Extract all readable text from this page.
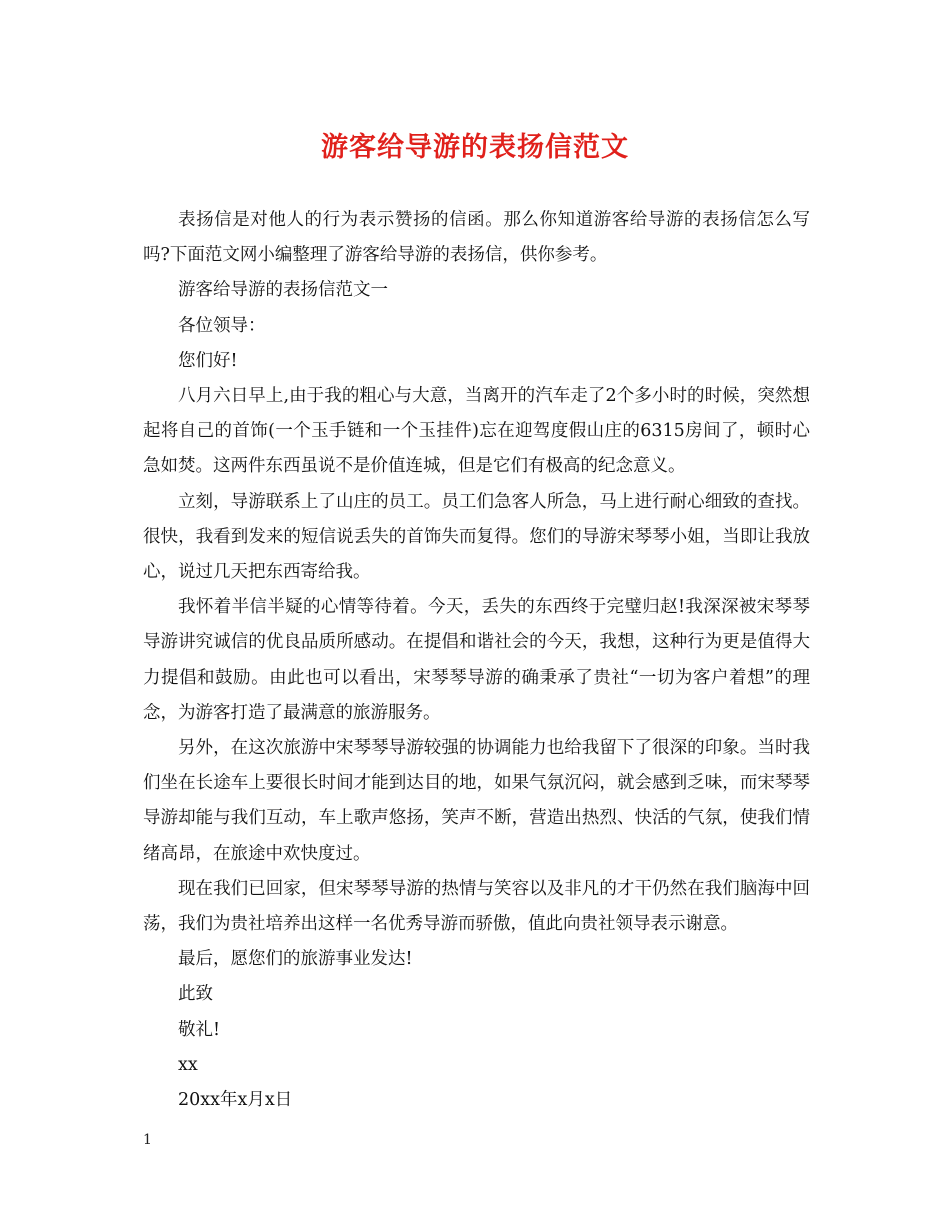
游客给导游的表扬信范文

表扬信是对他人的行为表示赞扬的信函。那么你知道游客给导游的表扬信怎么写吗?下面范文网小编整理了游客给导游的表扬信，供你参考。

游客给导游的表扬信范文一

各位领导：

您们好!

八月六日早上,由于我的粗心与大意，当离开的汽车走了2个多小时的时候，突然想起将自己的首饰(一个玉手链和一个玉挂件)忘在迎驾度假山庄的6315房间了，顿时心急如焚。这两件东西虽说不是价值连城，但是它们有极高的纪念意义。

立刻，导游联系上了山庄的员工。员工们急客人所急，马上进行耐心细致的查找。很快，我看到发来的短信说丢失的首饰失而复得。您们的导游宋琴琴小姐，当即让我放心，说过几天把东西寄给我。

我怀着半信半疑的心情等待着。今天，丢失的东西终于完璧归赵!我深深被宋琴琴导游讲究诚信的优良品质所感动。在提倡和谐社会的今天，我想，这种行为更是值得大力提倡和鼓励。由此也可以看出，宋琴琴导游的确秉承了贵社“一切为客户着想”的理念，为游客打造了最满意的旅游服务。

另外，在这次旅游中宋琴琴导游较强的协调能力也给我留下了很深的印象。当时我们坐在长途车上要很长时间才能到达目的地，如果气氛沉闷，就会感到乏味，而宋琴琴导游却能与我们互动，车上歌声悠扬，笑声不断，营造出热烈、快活的气氛，使我们情绪高昂，在旅途中欢快度过。

现在我们已回家，但宋琴琴导游的热情与笑容以及非凡的才干仍然在我们脑海中回荡，我们为贵社培养出这样一名优秀导游而骄傲，值此向贵社领导表示谢意。

最后，愿您们的旅游事业发达!

此致

敬礼!

xx

20xx年x月x日

1
